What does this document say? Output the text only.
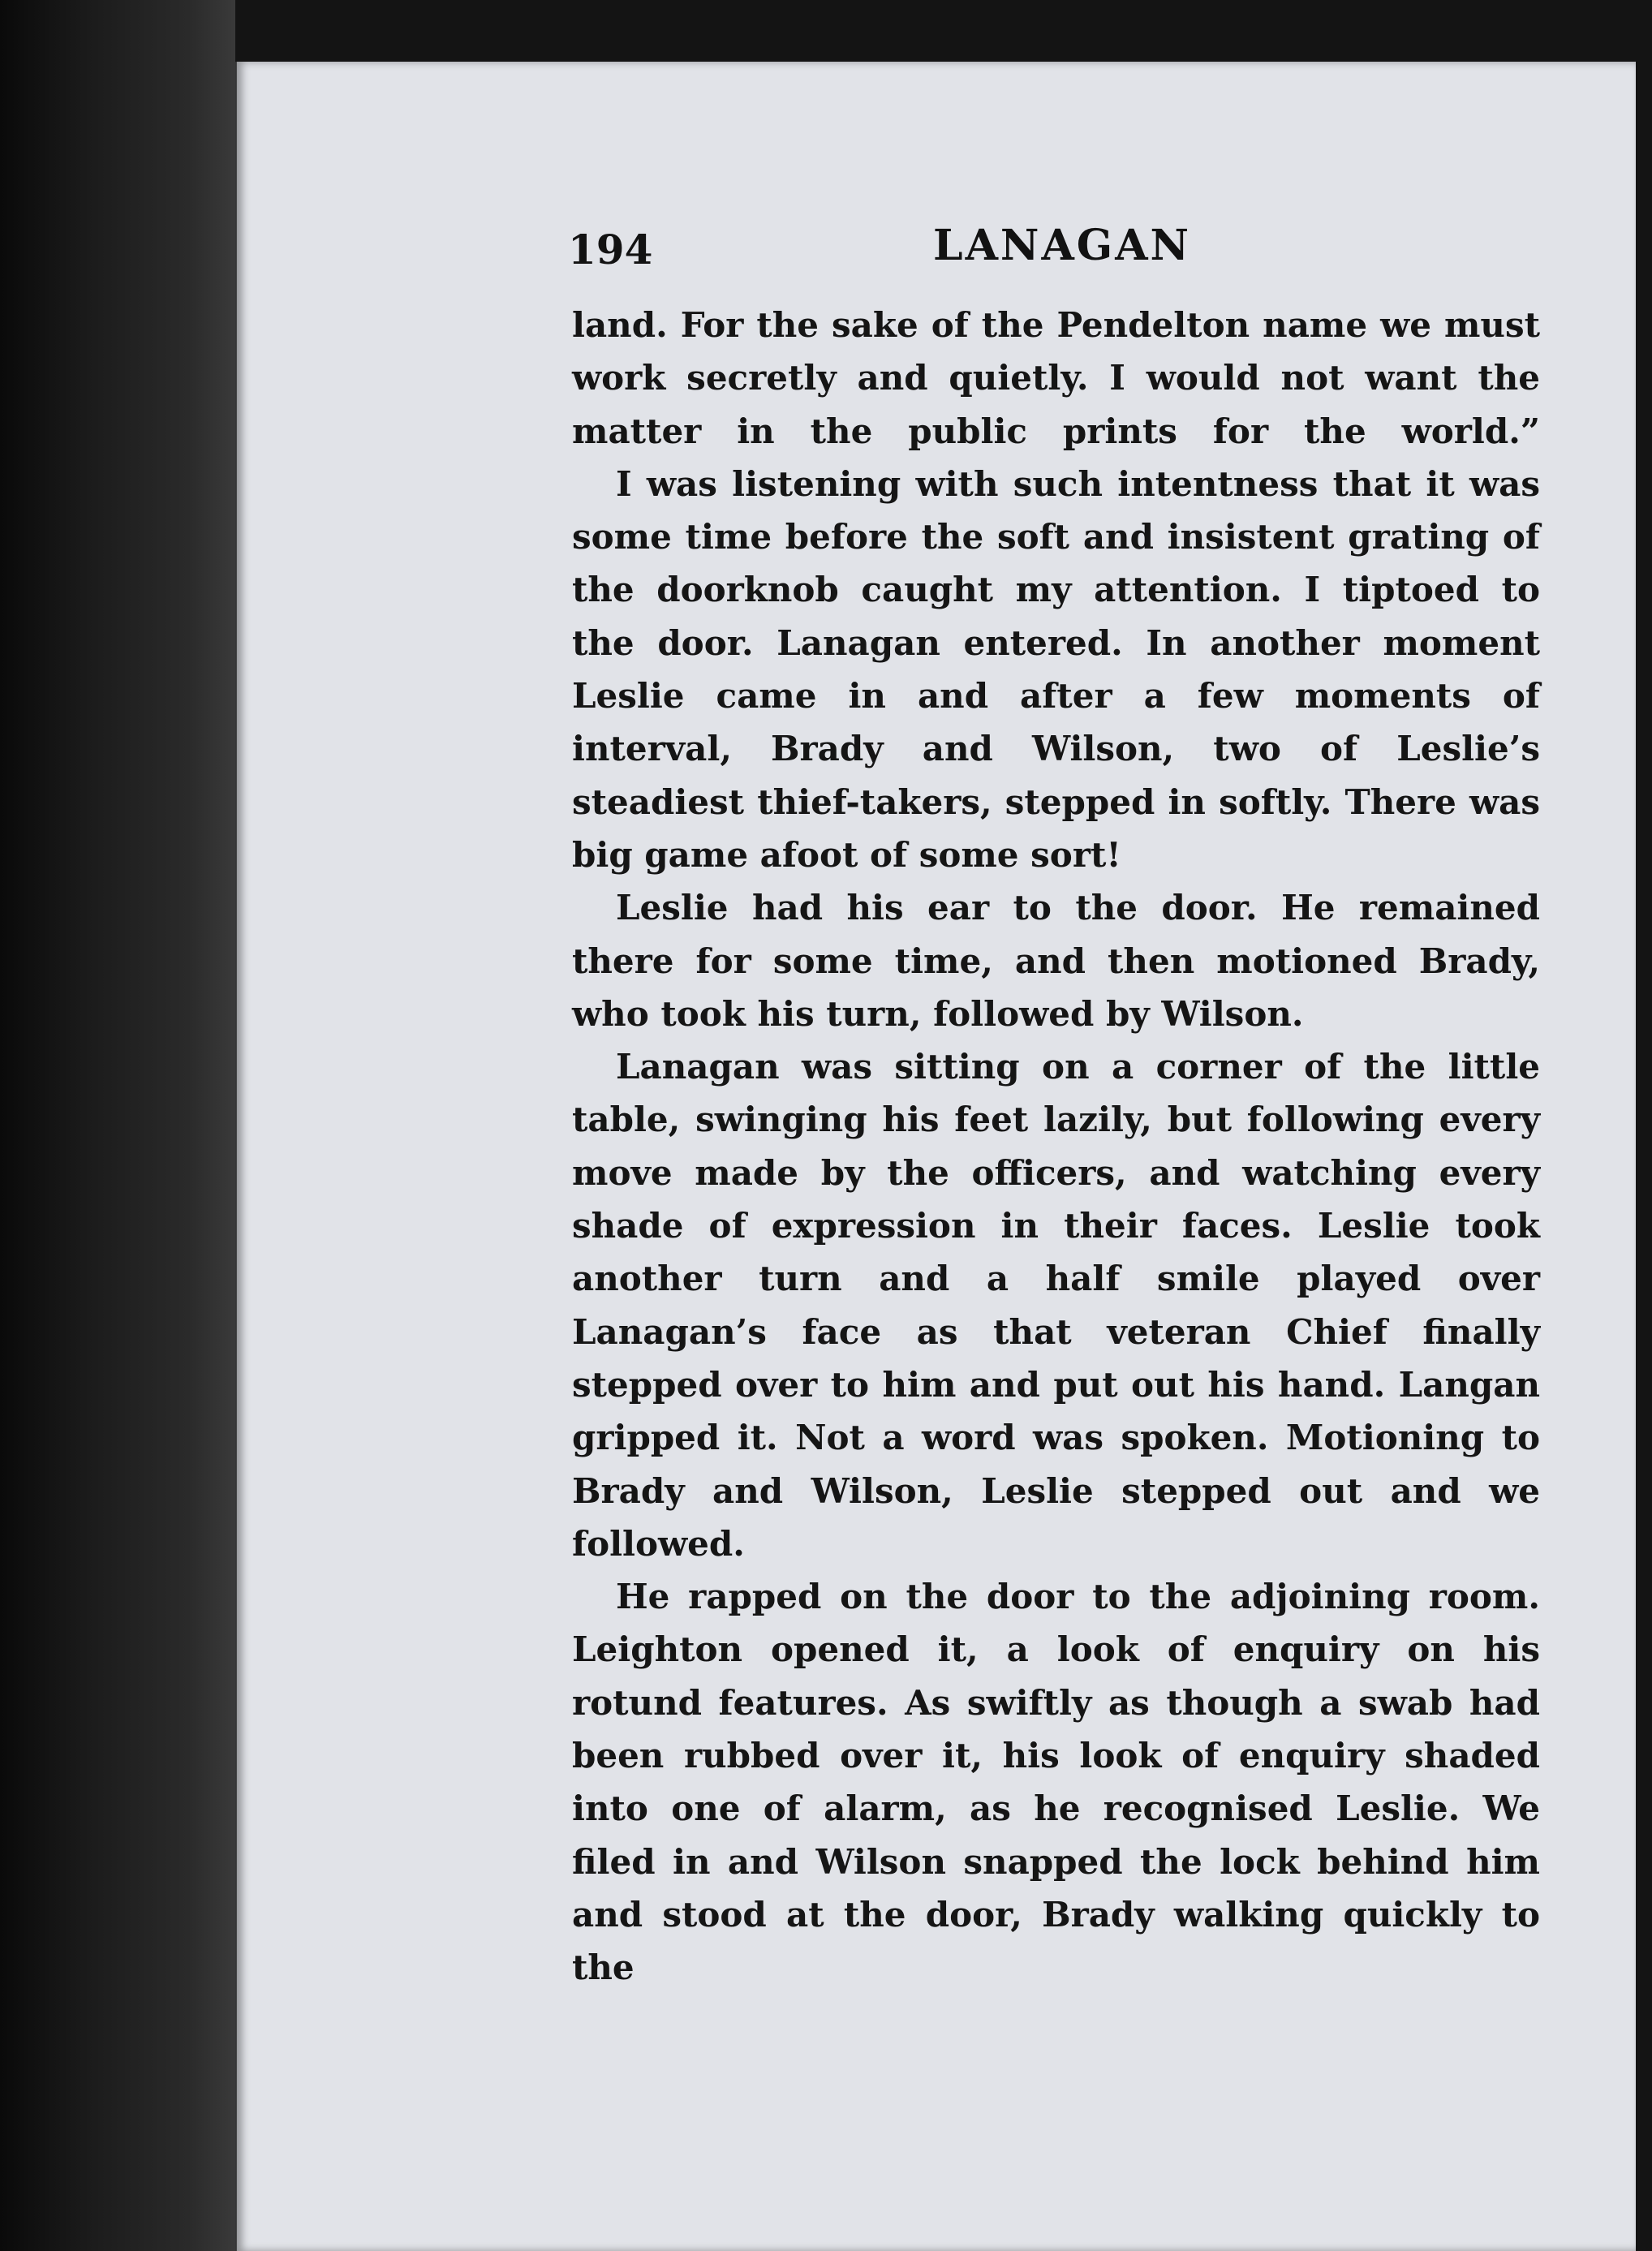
194	LANAGAN

land. For the sake of the Pendelton name we must work secretly and quietly. I would not want the matter in the public prints for the world.”

I was listening with such intentness that it was some time before the soft and insistent grating of the doorknob caught my attention. I tiptoed to the door. Lanagan entered. In another moment Leslie came in and after a few moments of interval, Brady and Wilson, two of Leslie’s steadiest thief-takers, stepped in softly. There was big game afoot of some sort!

Leslie had his ear to the door. He remained there for some time, and then motioned Brady, who took his turn, followed by Wilson.

Lanagan was sitting on a corner of the little table, swinging his feet lazily, but following every move made by the officers, and watching every shade of expression in their faces. Leslie took another turn and a half smile played over Lanagan’s face as that veteran Chief finally stepped over to him and put out his hand. Langan gripped it. Not a word was spoken. Motioning to Brady and Wilson, Leslie stepped out and we followed.

He rapped on the door to the adjoining room. Leighton opened it, a look of enquiry on his rotund features. As swiftly as though a swab had been rubbed over it, his look of enquiry shaded into one of alarm, as he recognised Leslie. We filed in and Wilson snapped the lock behind him and stood at the door, Brady walking quickly to the
